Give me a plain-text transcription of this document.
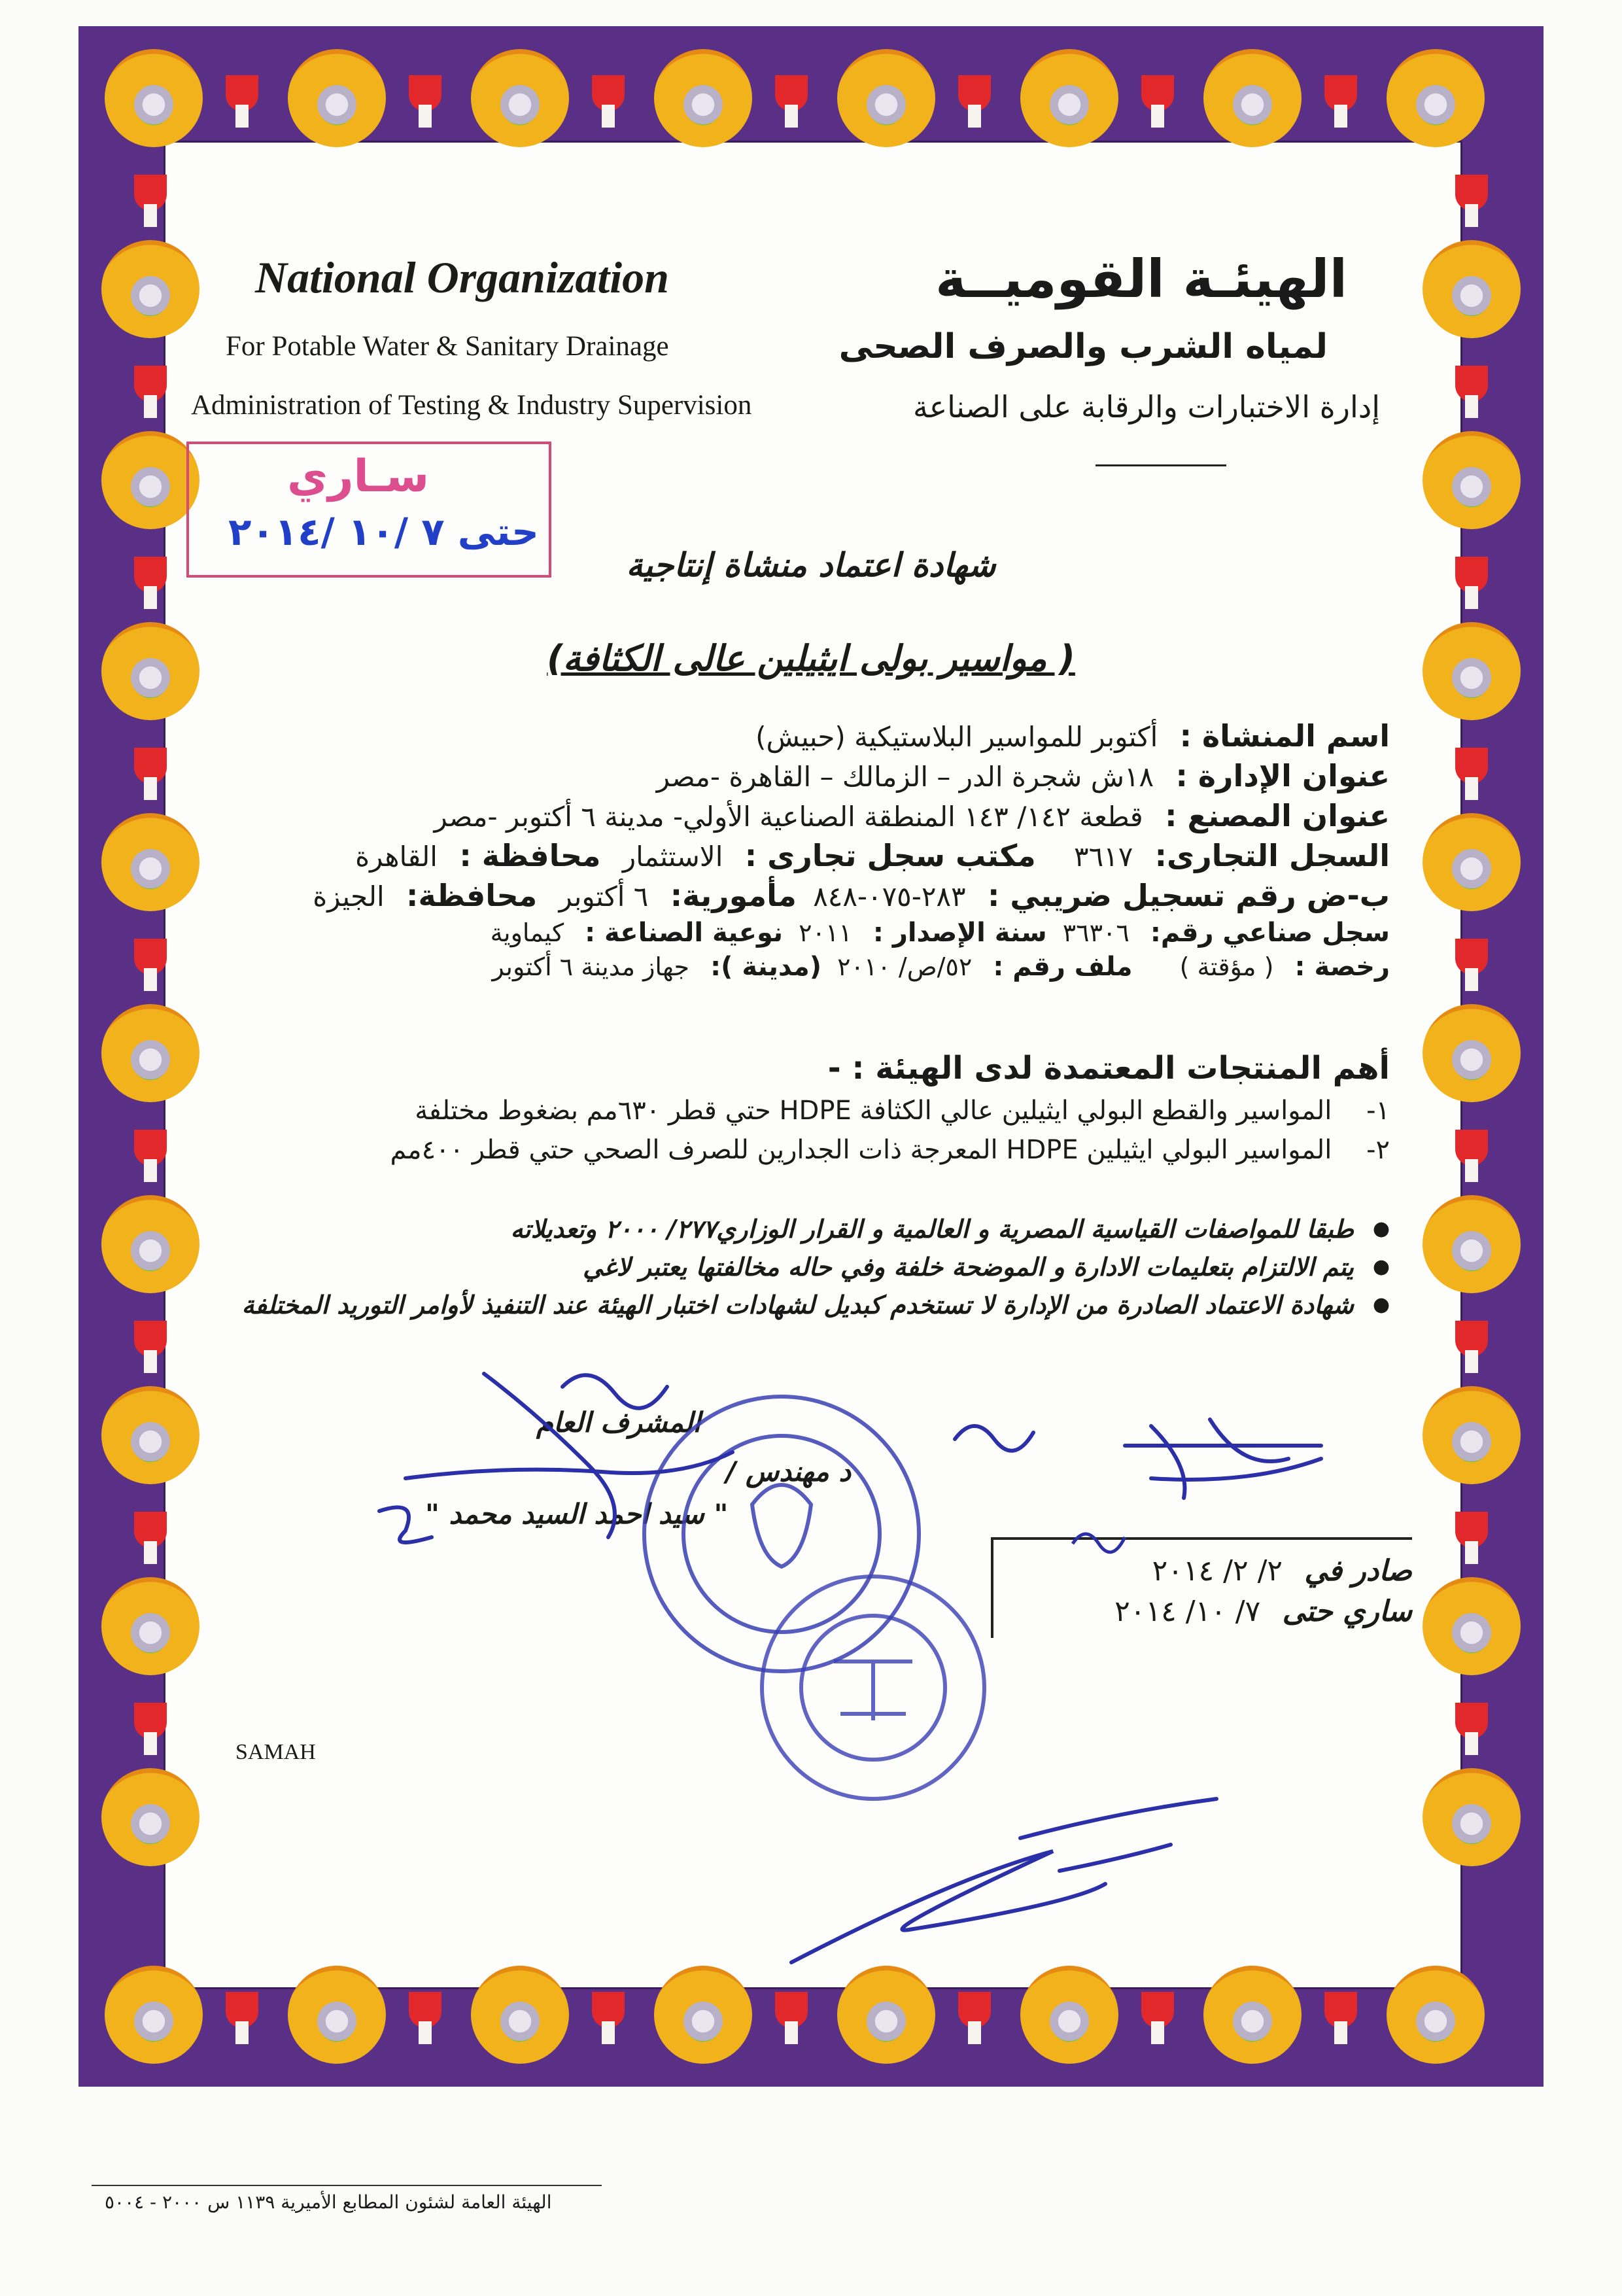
National Organization
For Potable Water & Sanitary Drainage
Administration of Testing & Industry Supervision
الهيئـة القوميــة
لمياه الشرب والصرف الصحى
إدارة الاختبارات والرقابة على الصناعة
سـاري
حتى ٧ /١٠ /٢٠١٤
شهادة اعتماد منشاة إنتاجية
( مواسير بولى ايثيلين عالى الكثافة)
اسم المنشاة : أكتوبر للمواسير البلاستيكية (حبيش)
عنوان الإدارة : ١٨ش شجرة الدر – الزمالك – القاهرة -مصر
عنوان المصنع : قطعة ١٤٢/ ١٤٣ المنطقة الصناعية الأولي- مدينة ٦ أكتوبر -مصر
السجل التجارى: ٣٦١٧ مكتب سجل تجارى : الاستثمار محافظة : القاهرة
ب-ض رقم تسجيل ضريبي : ٢٨٣-٠٧٥-٨٤٨ مأمورية: ٦ أكتوبر محافظة: الجيزة
سجل صناعي رقم: ٣٦٣٠٦ سنة الإصدار : ٢٠١١ نوعية الصناعة : كيماوية
رخصة : ( مؤقتة ) ملف رقم : ٥٢/ص/ ٢٠١٠ (مدينة ): جهاز مدينة ٦ أكتوبر
أهم المنتجات المعتمدة لدى الهيئة : -
١- المواسير والقطع البولي ايثيلين عالي الكثافة HDPE حتي قطر ٦٣٠مم بضغوط مختلفة
٢- المواسير البولي ايثيلين HDPE المعرجة ذات الجدارين للصرف الصحي حتي قطر ٤٠٠مم
● طبقا للمواصفات القياسية المصرية و العالمية و القرار الوزاري٢٧٧/ ٢٠٠٠ وتعديلاته
● يتم الالتزام بتعليمات الادارة و الموضحة خلفة وفي حاله مخالفتها يعتبر لاغي
● شهادة الاعتماد الصادرة من الإدارة لا تستخدم كبديل لشهادات اختبار الهيئة عند التنفيذ لأوامر التوريد المختلفة
المشرف العام
د مهندس /
" سيد احمد السيد محمد "
صادر في ٢/ ٢/ ٢٠١٤
ساري حتى ٧/ ١٠/ ٢٠١٤
SAMAH
الهيئة العامة لشئون المطابع الأميرية ١١٣٩ س ٢٠٠٠ - ٥٠٠٤
